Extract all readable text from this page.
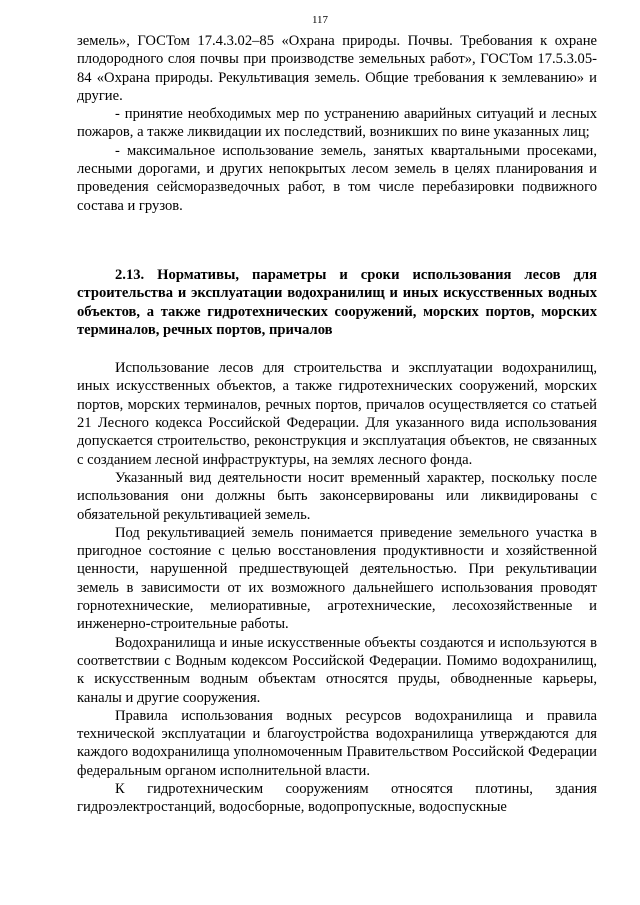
117

земель», ГОСТом 17.4.3.02–85 «Охрана природы. Почвы. Требования к охране плодородного слоя почвы при производстве земельных работ», ГОСТом 17.5.3.05-84 «Охрана природы. Рекультивация земель. Общие требования к землеванию» и другие.

- принятие необходимых мер по устранению аварийных ситуаций и лесных пожаров, а также ликвидации их последствий, возникших по вине указанных лиц;

- максимальное использование земель, занятых квартальными просеками, лесными дорогами, и других непокрытых лесом земель в целях планирования и проведения сейсморазведочных работ, в том числе перебазировки подвижного состава и грузов.

2.13. Нормативы, параметры и сроки использования лесов для строительства и эксплуатации водохранилищ и иных искусственных водных объектов, а также гидротехнических сооружений, морских портов, морских терминалов, речных портов, причалов

Использование лесов для строительства и эксплуатации водохранилищ, иных искусственных объектов, а также гидротехнических сооружений, морских портов, морских терминалов, речных портов, причалов осуществляется со статьей 21 Лесного кодекса Российской Федерации. Для указанного вида использования допускается строительство, реконструкция и эксплуатация объектов, не связанных с созданием лесной инфраструктуры, на землях лесного фонда.

Указанный вид деятельности носит временный характер, поскольку после использования они должны быть законсервированы или ликвидированы с обязательной рекультивацией земель.

Под рекультивацией земель понимается приведение земельного участка в пригодное состояние с целью восстановления продуктивности и хозяйственной ценности, нарушенной предшествующей деятельностью. При рекультивации земель в зависимости от их возможного дальнейшего использования проводят горнотехнические, мелиоративные, агротехнические, лесохозяйственные и инженерно-строительные работы.

Водохранилища и иные искусственные объекты создаются и используются в соответствии с Водным кодексом Российской Федерации. Помимо водохранилищ, к искусственным водным объектам относятся пруды, обводненные карьеры, каналы и другие сооружения.

Правила использования водных ресурсов водохранилища и правила технической эксплуатации и благоустройства водохранилища утверждаются для каждого водохранилища уполномоченным Правительством Российской Федерации федеральным органом исполнительной власти.

К гидротехническим сооружениям относятся плотины, здания гидроэлектростанций, водосборные, водопропускные, водоспускные
